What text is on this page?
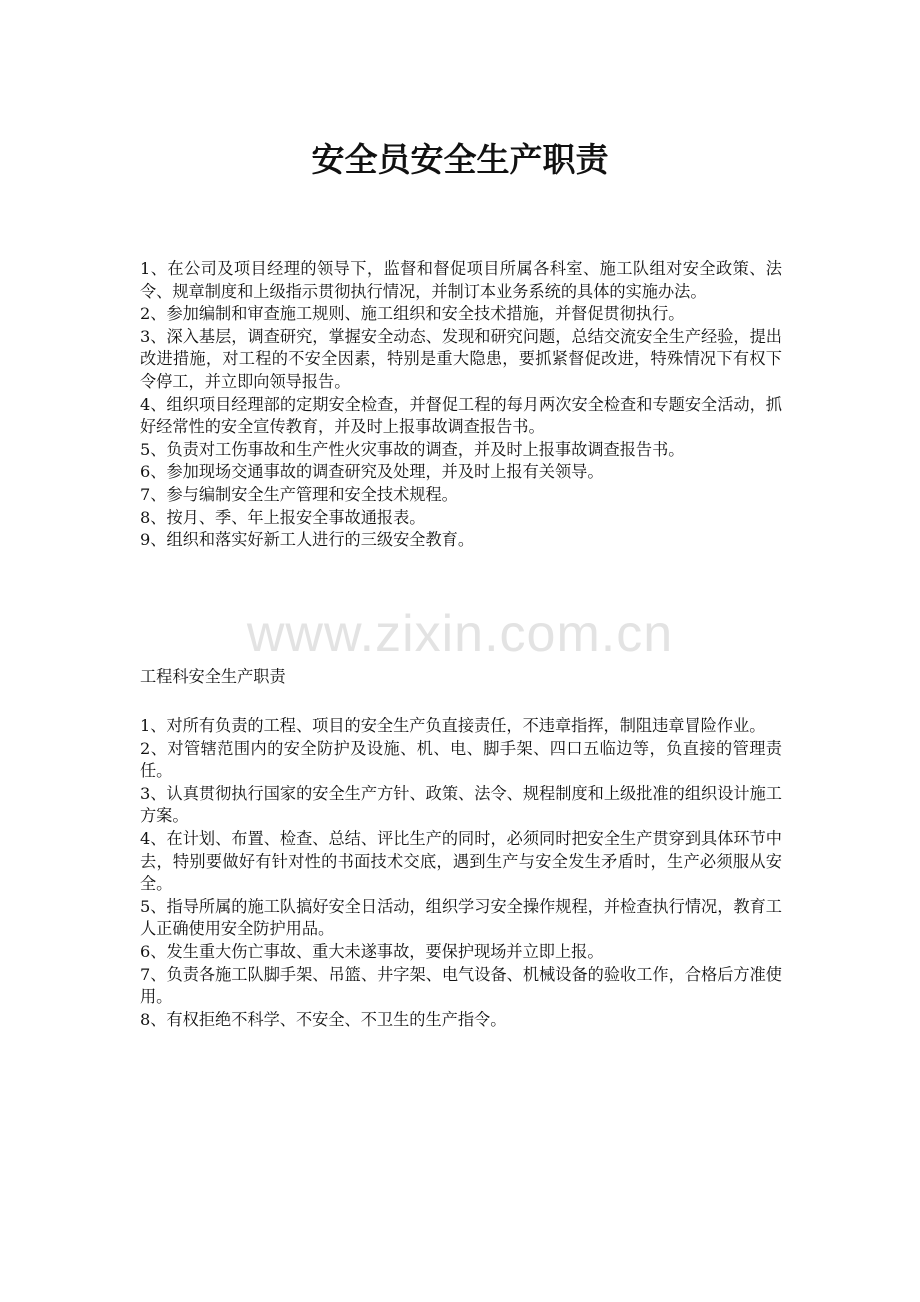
安全员安全生产职责
1、在公司及项目经理的领导下，监督和督促项目所属各科室、施工队组对安全政策、法令、规章制度和上级指示贯彻执行情况，并制订本业务系统的具体的实施办法。
2、参加编制和审查施工规则、施工组织和安全技术措施，并督促贯彻执行。
3、深入基层，调查研究，掌握安全动态、发现和研究问题，总结交流安全生产经验，提出改进措施，对工程的不安全因素，特别是重大隐患，要抓紧督促改进，特殊情况下有权下令停工，并立即向领导报告。
4、组织项目经理部的定期安全检查，并督促工程的每月两次安全检查和专题安全活动，抓好经常性的安全宣传教育，并及时上报事故调查报告书。
5、负责对工伤事故和生产性火灾事故的调查，并及时上报事故调查报告书。
6、参加现场交通事故的调查研究及处理，并及时上报有关领导。
7、参与编制安全生产管理和安全技术规程。
8、按月、季、年上报安全事故通报表。
9、组织和落实好新工人进行的三级安全教育。
www.zixin.com.cn
工程科安全生产职责
1、对所有负责的工程、项目的安全生产负直接责任，不违章指挥，制阻违章冒险作业。
2、对管辖范围内的安全防护及设施、机、电、脚手架、四口五临边等，负直接的管理责任。
3、认真贯彻执行国家的安全生产方针、政策、法令、规程制度和上级批准的组织设计施工方案。
4、在计划、布置、检查、总结、评比生产的同时，必须同时把安全生产贯穿到具体环节中去，特别要做好有针对性的书面技术交底，遇到生产与安全发生矛盾时，生产必须服从安全。
5、指导所属的施工队搞好安全日活动，组织学习安全操作规程，并检查执行情况，教育工人正确使用安全防护用品。
6、发生重大伤亡事故、重大未遂事故，要保护现场并立即上报。
7、负责各施工队脚手架、吊篮、井字架、电气设备、机械设备的验收工作，合格后方准使用。
8、有权拒绝不科学、不安全、不卫生的生产指令。
